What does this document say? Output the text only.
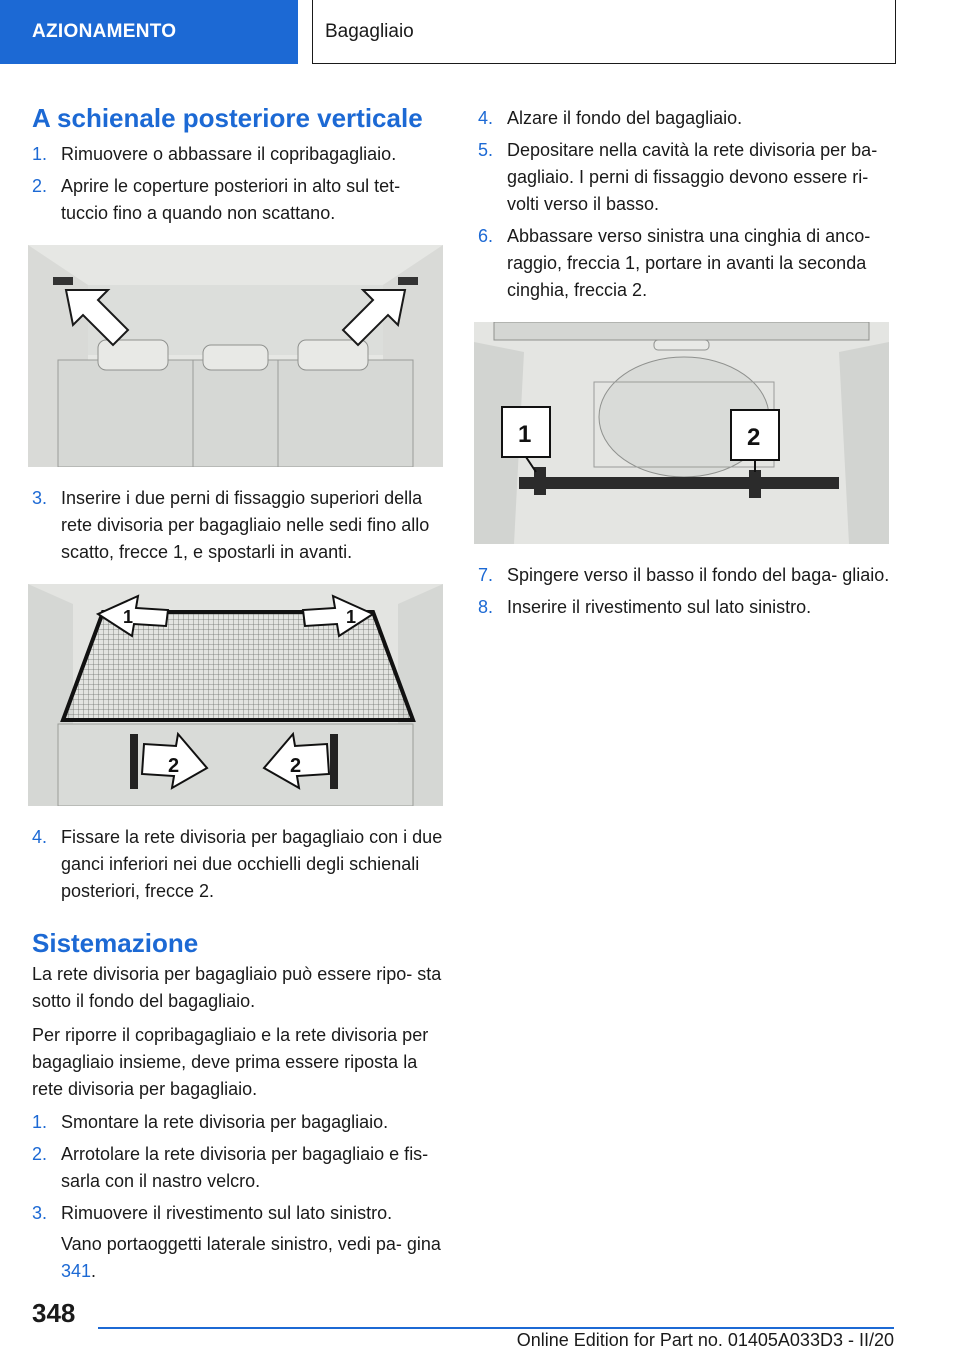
AZIONAMENTO	Bagagliaio
A schienale posteriore verticale
1. Rimuovere o abbassare il copribagagliaio.
2. Aprire le coperture posteriori in alto sul tet- tuccio fino a quando non scattano.
3. Inserire i due perni di fissaggio superiori della rete divisoria per bagagliaio nelle sedi fino allo scatto, frecce 1, e spostarli in avanti.
1	1
2	2
4. Fissare la rete divisoria per bagagliaio con i due ganci inferiori nei due occhielli degli schienali posteriori, frecce 2.
Sistemazione

La rete divisoria per bagagliaio può essere ripo- sta sotto il fondo del bagagliaio.

Per riporre il copribagagliaio e la rete divisoria per bagagliaio insieme, deve prima essere riposta la rete divisoria per bagagliaio.

1. Smontare la rete divisoria per bagagliaio.
2. Arrotolare la rete divisoria per bagagliaio e fis- sarla con il nastro velcro.
3. Rimuovere il rivestimento sul lato sinistro.
Vano portaoggetti laterale sinistro, vedi pa- gina 341.
4. Alzare il fondo del bagagliaio.
5. Depositare nella cavità la rete divisoria per ba- gagliaio. I perni di fissaggio devono essere ri- volti verso il basso.
6. Abbassare verso sinistra una cinghia di anco- raggio, freccia 1, portare in avanti la seconda cinghia, freccia 2.
1	2
7. Spingere verso il basso il fondo del baga- gliaio.
8. Inserire il rivestimento sul lato sinistro.
348
Online Edition for Part no. 01405A033D3 - II/20
